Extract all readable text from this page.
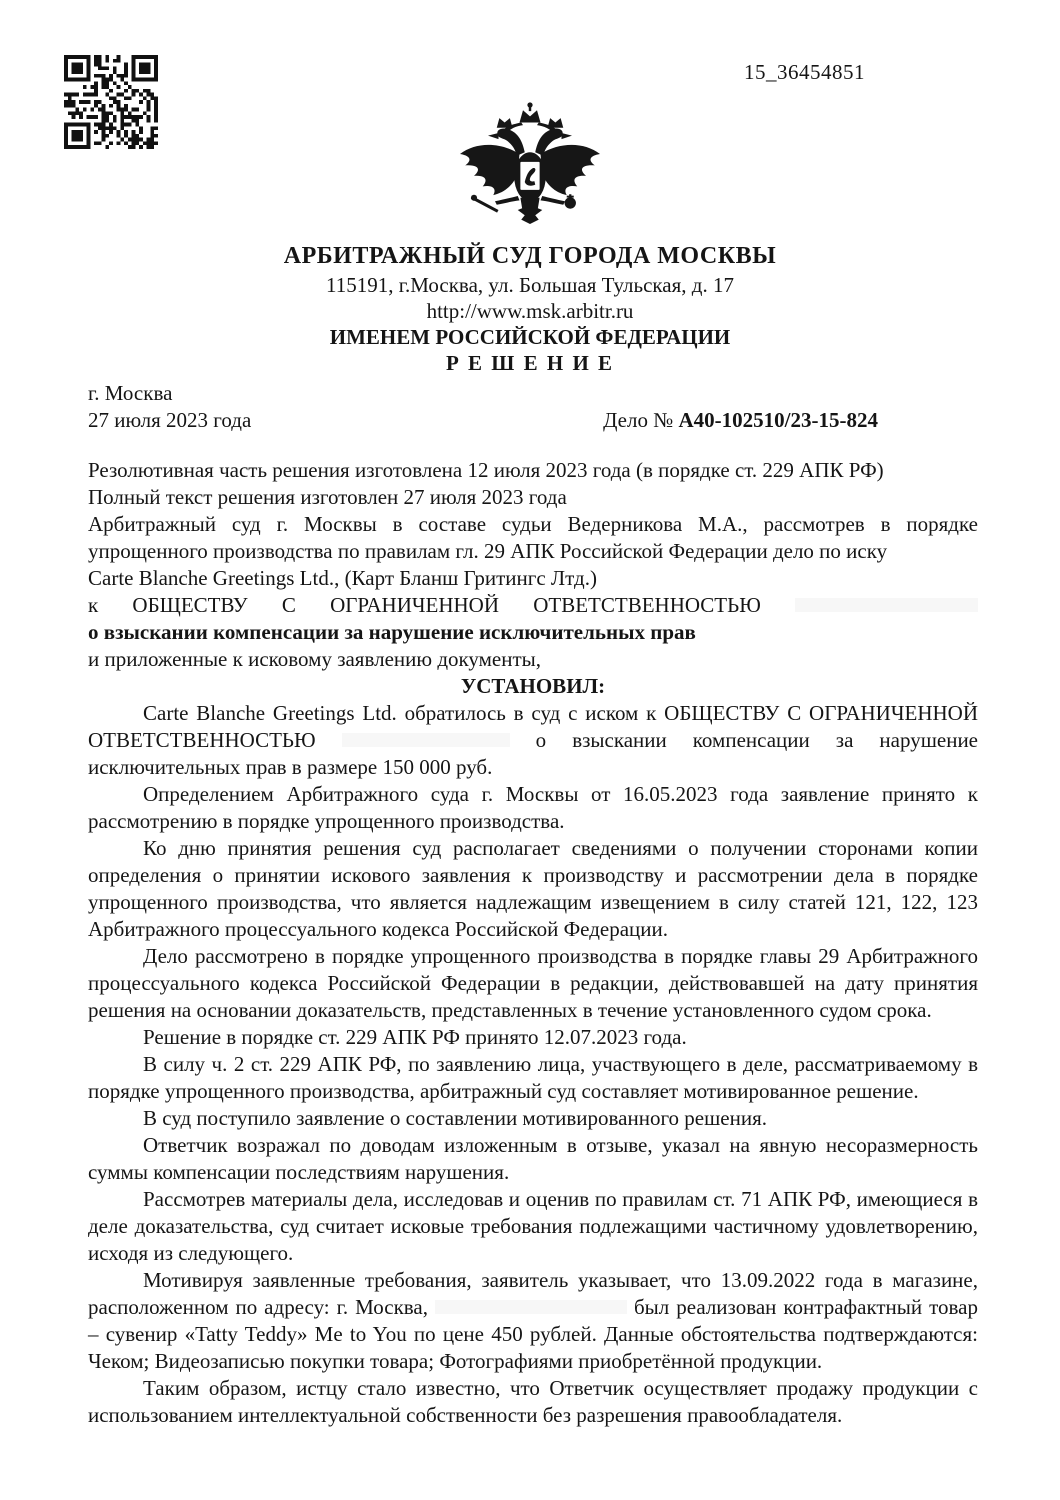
15_36454851
АРБИТРАЖНЫЙ СУД ГОРОДА МОСКВЫ
115191, г.Москва, ул. Большая Тульская, д. 17
http://www.msk.arbitr.ru
ИМЕНЕМ РОССИЙСКОЙ ФЕДЕРАЦИИ
Р Е Ш Е Н И Е

г. Москва

27 июля 2023 года	Дело № А40-102510/23-15-824

Резолютивная часть решения изготовлена 12 июля 2023 года (в порядке ст. 229 АПК РФ)

Полный текст решения изготовлен 27 июля 2023 года

Арбитражный суд г. Москвы в составе судьи Ведерникова М.А., рассмотрев в порядке упрощенного производства по правилам гл. 29 АПК Российской Федерации дело по иску

Carte Blanche Greetings Ltd., (Карт Бланш Гритингс Лтд.)

к ОБЩЕСТВУ С ОГРАНИЧЕННОЙ ОТВЕТСТВЕННОСТЬЮ

о взыскании компенсации за нарушение исключительных прав

и приложенные к исковому заявлению документы,

УСТАНОВИЛ:

Carte Blanche Greetings Ltd. обратилось в суд с иском к ОБЩЕСТВУ С ОГРАНИЧЕННОЙ ОТВЕТСТВЕННОСТЬЮ	о взыскании компенсации за нарушение исключительных прав в размере 150 000 руб.

Определением Арбитражного суда г. Москвы от 16.05.2023 года заявление принято к рассмотрению в порядке упрощенного производства.

Ко дню принятия решения суд располагает сведениями о получении сторонами копии определения о принятии искового заявления к производству и рассмотрении дела в порядке упрощенного производства, что является надлежащим извещением в силу статей 121, 122, 123 Арбитражного процессуального кодекса Российской Федерации.

Дело рассмотрено в порядке упрощенного производства в порядке главы 29 Арбитражного процессуального кодекса Российской Федерации в редакции, действовавшей на дату принятия решения на основании доказательств, представленных в течение установленного судом срока.

Решение в порядке ст. 229 АПК РФ принято 12.07.2023 года.

В силу ч. 2 ст. 229 АПК РФ, по заявлению лица, участвующего в деле, рассматриваемому в порядке упрощенного производства, арбитражный суд составляет мотивированное решение.

В суд поступило заявление о составлении мотивированного решения.

Ответчик возражал по доводам изложенным в отзыве, указал на явную несоразмерность суммы компенсации последствиям нарушения.

Рассмотрев материалы дела, исследовав и оценив по правилам ст. 71 АПК РФ, имеющиеся в деле доказательства, суд считает исковые требования подлежащими частичному удовлетворению, исходя из следующего.

Мотивируя заявленные требования, заявитель указывает, что 13.09.2022 года в магазине, расположенном по адресу: г. Москва,	был реализован контрафактный товар – сувенир «Tatty Teddy» Me to You по цене 450 рублей. Данные обстоятельства подтверждаются: Чеком; Видеозаписью покупки товара; Фотографиями приобретённой продукции.

Таким образом, истцу стало известно, что Ответчик осуществляет продажу продукции с использованием интеллектуальной собственности без разрешения правообладателя.
